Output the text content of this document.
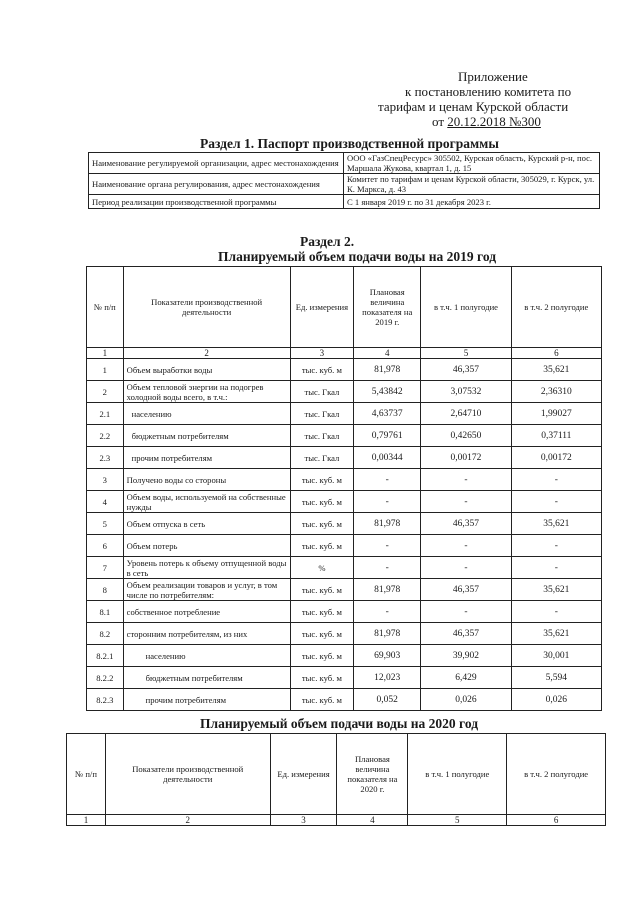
Приложение
к постановлению комитета по
тарифам и ценам Курской области
от 20.12.2018 №300
Раздел 1. Паспорт производственной программы
Наименование регулируемой организации, адрес местонахождения	ООО «ГазСпецРесурс» 305502, Курская область, Курский р-н, пос. Маршала Жукова, квартал 1, д. 15
Наименование органа регулирования, адрес местонахождения	Комитет по тарифам и ценам Курской области, 305029, г. Курск, ул. К. Маркса, д. 43
Период реализации производственной программы	С 1 января 2019 г. по 31 декабря 2023 г.
Раздел 2.
Планируемый объем подачи воды на 2019 год
№ п/п	Показатели производственной деятельности	Ед. измерения	Плановая величина показателя на 2019 г.	в т.ч. 1 полугодие	в т.ч. 2 полугодие
1	2	3	4	5	6
1	Объем выработки воды	тыс. куб. м	81,978	46,357	35,621
2	Объем тепловой энергии на подогрев холодной воды всего, в т.ч.:	тыс. Гкал	5,43842	3,07532	2,36310
2.1	населению	тыс. Гкал	4,63737	2,64710	1,99027
2.2	бюджетным потребителям	тыс. Гкал	0,79761	0,42650	0,37111
2.3	прочим потребителям	тыс. Гкал	0,00344	0,00172	0,00172
3	Получено воды со стороны	тыс. куб. м	-	-	-
4	Объем воды, используемой на собственные нужды	тыс. куб. м	-	-	-
5	Объем отпуска в сеть	тыс. куб. м	81,978	46,357	35,621
6	Объем потерь	тыс. куб. м	-	-	-
7	Уровень потерь к объему отпущенной воды в сеть	%	-	-	-
8	Объем реализации товаров и услуг, в том числе по потребителям:	тыс. куб. м	81,978	46,357	35,621
8.1	собственное потребление	тыс. куб. м	-	-	-
8.2	сторонним потребителям, из них	тыс. куб. м	81,978	46,357	35,621
8.2.1	населению	тыс. куб. м	69,903	39,902	30,001
8.2.2	бюджетным потребителям	тыс. куб. м	12,023	6,429	5,594
8.2.3	прочим потребителям	тыс. куб. м	0,052	0,026	0,026
Планируемый объем подачи воды на 2020 год
№ п/п	Показатели производственной деятельности	Ед. измерения	Плановая величина показателя на 2020 г.	в т.ч. 1 полугодие	в т.ч. 2 полугодие
1	2	3	4	5	6
